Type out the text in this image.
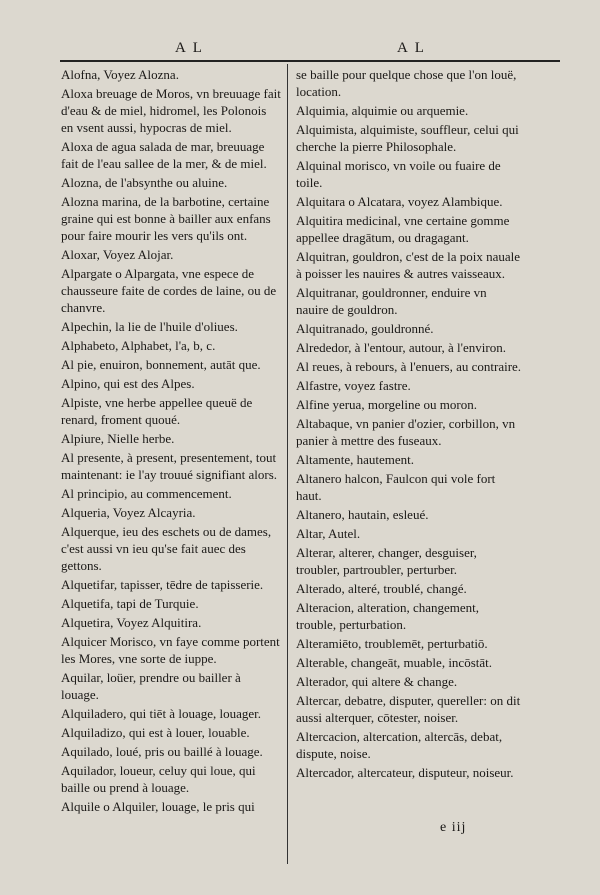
A L	A L
Alofna, Voyez Alozna.
Aloxa breuage de Moros, vn breuuage fait d'eau & de miel, hidromel, les Polonois en vsent aussi, hypocras de miel.
Aloxa de agua salada de mar, breuuage fait de l'eau sallee de la mer, & de miel.
Alozna, de l'absynthe ou aluine.
Alozna marina, de la barbotine, certaine graine qui est bonne à bailler aux enfans pour faire mourir les vers qu'ils ont.
Aloxar, Voyez Alojar.
Alpargate o Alpargata, vne espece de chausseure faite de cordes de laine, ou de chanvre.
Alpechin, la lie de l'huile d'oliues.
Alphabeto, Alphabet, l'a, b, c.
Al pie, enuiron, bonnement, autāt que.
Alpino, qui est des Alpes.
Alpiste, vne herbe appellee queuë de renard, froment quoué.
Alpiure, Nielle herbe.
Al presente, à present, presentement, tout maintenant: ie l'ay trouué signifiant alors.
Al principio, au commencement.
Alqueria, Voyez Alcayria.
Alquerque, ieu des eschets ou de dames, c'est aussi vn ieu qu'se fait auec des gettons.
Alquetifar, tapisser, tēdre de tapisserie.
Alquetifa, tapi de Turquie.
Alquetira, Voyez Alquitira.
Alquicer Morisco, vn faye comme portent les Mores, vne sorte de iuppe.
Aquilar, loüer, prendre ou bailler à louage.
Alquiladero, qui tiēt à louage, louager.
Alquiladizo, qui est à louer, louable.
Aquilado, loué, pris ou baillé à louage.
Aquilador, loueur, celuy qui loue, qui baille ou prend à louage.
Alquile o Alquiler, louage, le pris qui
se baille pour quelque chose que l'on louë, location.
Alquimia, alquimie ou arquemie.
Alquimista, alquimiste, souffleur, celui qui cherche la pierre Philosophale.
Alquinal morisco, vn voile ou fuaire de toile.
Alquitara o Alcatara, voyez Alambique.
Alquitira medicinal, vne certaine gomme appellee dragātum, ou dragagant.
Alquitran, gouldron, c'est de la poix nauale à poisser les nauires & autres vaisseaux.
Alquitranar, gouldronner, enduire vn nauire de gouldron.
Alquitranado, gouldronné.
Alrededor, à l'entour, autour, à l'environ.
Al reues, à rebours, à l'enuers, au contraire.
Alfastre, voyez fastre.
Alfine yerua, morgeline ou moron.
Altabaque, vn panier d'ozier, corbillon, vn panier à mettre des fuseaux.
Altamente, hautement.
Altanero halcon, Faulcon qui vole fort haut.
Altanero, hautain, esleué.
Altar, Autel.
Alterar, alterer, changer, desguiser, troubler, partroubler, perturber.
Alterado, alteré, troublé, changé.
Alteracion, alteration, changement, trouble, perturbation.
Alteramiēto, troublemēt, perturbatiō.
Alterable, changeāt, muable, incōstāt.
Alterador, qui altere & change.
Altercar, debatre, disputer, quereller: on dit aussi alterquer, cōtester, noiser.
Altercacion, altercation, altercās, debat, dispute, noise.
Altercador, altercateur, disputeur, noiseur.
e iij
